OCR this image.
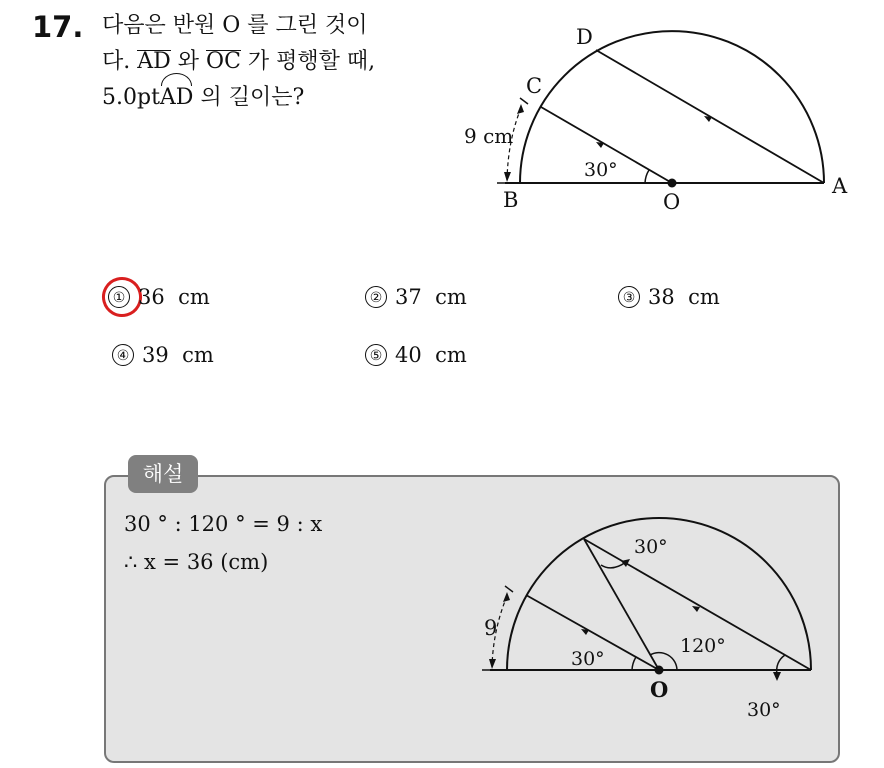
17. 다음은 반원 O 를 그린 것이
다. AD 와 OC 가 평행할 때,
5.0ptAD 의 길이는?
D
C
B	O
A
9 cm
30°
① 36  cm	② 37  cm	③ 38  cm
④ 39  cm	⑤ 40  cm
해설
30 ° : 120 ° = 9 : x
∴ x = 36 (cm)
9
O
30°
30°
120°
30°
